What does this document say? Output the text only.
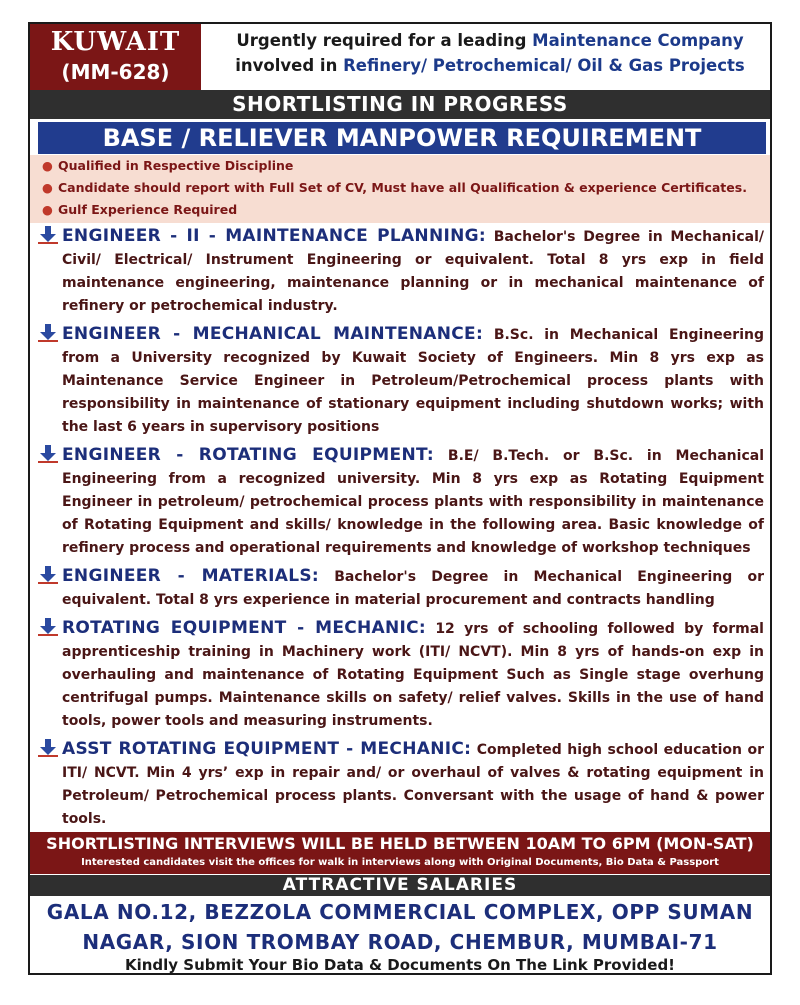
KUWAIT
(MM-628)
Urgently required for a leading Maintenance Company
involved in Refinery/ Petrochemical/ Oil & Gas Projects
SHORTLISTING IN PROGRESS
BASE / RELIEVER MANPOWER REQUIREMENT
● Qualified in Respective Discipline
● Candidate should report with Full Set of CV, Must have all Qualification & experience Certificates.
● Gulf Experience Required
ENGINEER - II - MAINTENANCE PLANNING: Bachelor's Degree in Mechanical/ Civil/ Electrical/ Instrument Engineering or equivalent. Total 8 yrs exp in field maintenance engineering, maintenance planning or in mechanical maintenance of refinery or petrochemical industry.
ENGINEER - MECHANICAL MAINTENANCE: B.Sc. in Mechanical Engineering from a University recognized by Kuwait Society of Engineers. Min 8 yrs exp as Maintenance Service Engineer in Petroleum/Petrochemical process plants with responsibility in maintenance of stationary equipment including shutdown works; with the last 6 years in supervisory positions
ENGINEER - ROTATING EQUIPMENT: B.E/ B.Tech. or B.Sc. in Mechanical Engineering from a recognized university. Min 8 yrs exp as Rotating Equipment Engineer in petroleum/ petrochemical process plants with responsibility in maintenance of Rotating Equipment and skills/ knowledge in the following area. Basic knowledge of refinery process and operational requirements and knowledge of workshop techniques
ENGINEER - MATERIALS: Bachelor's Degree in Mechanical Engineering or equivalent. Total 8 yrs experience in material procurement and contracts handling
ROTATING EQUIPMENT - MECHANIC: 12 yrs of schooling followed by formal apprenticeship training in Machinery work (ITI/ NCVT). Min 8 yrs of hands-on exp in overhauling and maintenance of Rotating Equipment Such as Single stage overhung centrifugal pumps. Maintenance skills on safety/ relief valves. Skills in the use of hand tools, power tools and measuring instruments.
ASST ROTATING EQUIPMENT - MECHANIC: Completed high school education or ITI/ NCVT. Min 4 yrs’ exp in repair and/ or overhaul of valves & rotating equipment in Petroleum/ Petrochemical process plants. Conversant with the usage of hand & power tools.
SHORTLISTING INTERVIEWS WILL BE HELD BETWEEN 10AM TO 6PM (MON-SAT)
Interested candidates visit the offices for walk in interviews along with Original Documents, Bio Data & Passport
ATTRACTIVE SALARIES
GALA NO.12, BEZZOLA COMMERCIAL COMPLEX, OPP SUMAN
NAGAR, SION TROMBAY ROAD, CHEMBUR, MUMBAI-71
Kindly Submit Your Bio Data & Documents On The Link Provided!
